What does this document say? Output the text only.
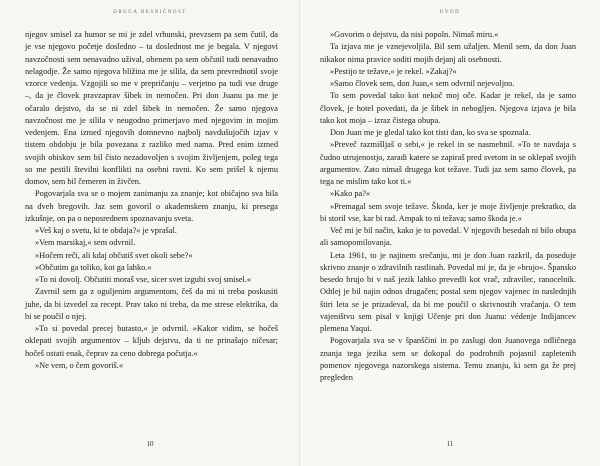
DRUGA RESNIČNOST

njegov smisel za humor se mi je zdel vrhunski, prevzsem pa sem čutil, da je vse njegovo početje dosledno – ta doslednost me je begala. V njegovi navzočnosti sem nenavadno užival, obenem pa sem občutil tudi nenavadno nelagodje. Že samo njegova bližina me je silila, da sem prevrednotil svoje vzorce vedenja. Vzgojili so me v prepričanju – verjetno pa tudi vse druge –, da je človek pravzaprav šibek in nemočen. Pri don Juanu pa me je očaralo dejstvo, da se ni zdel šibek in nemočen. Že samo njegova navzočnost me je silila v neugodno primerjavo med njegovim in mojim vedenjem. Ena izmed njegovih domnevno najbolj navdušujočih izjav v tistem obdobju je bila povezana z razliko med nama. Pred enim izmed svojih obiskov sem bil čisto nezadovoljen s svojim življenjem, poleg tega so me pestili številni konflikti na osebni ravni. Ko sem prišel k njemu domov, sem bil čemeren in živčen.

Pogovarjala sva se o mojem zanimanju za znanje; kot običajno sva bila na dveh bregovih. Jaz sem govoril o akademskem znanju, ki presega izkušnje, on pa o neposrednem spoznavanju sveta.

»Veš kaj o svetu, ki te obdaja?« je vprašal.

»Vem marsikaj,« sem odvrnil.

»Hočem reči, ali kdaj občutiš svet okoli sebe?«

»Občutim ga toliko, kot ga lahko.«

»To ni dovolj. Občutiti moraš vse, sicer svet izgubi svoj smisel.«

Zavrnil sem ga z ogulјenim argumentom, češ da mi ni treba poskusiti juhe, da bi izvedel za recept. Prav tako ni treba, da me strese elektrika, da bi se poučil o njej.

»To si povedal precej butasto,« je odvrnil. »Kakor vidim, se hočeš oklepati svojih argumentov – kljub dejstvu, da ti ne prinašajo ničesar; hočeš ostati enak, čeprav za ceno dobrega počutja.«

»Ne vem, o čem govoriš.«

10
UVOD

»Govorim o dejstvu, da nisi popoln. Nimaš miru.«

Ta izjava me je vznejevoljila. Bil sem užaljen. Menil sem, da don Juan nikakor nima pravice soditi mojih dejanj ali osebnosti.

»Pestijo te težave,« je rekel. »Zakaj?«

»Samo človek sem, don Juan,« sem odvrnil nejevoljno.

To sem povedal tako kot nekoč moj oče. Kadar je rekel, da je samo človek, je hotel povedati, da je šibek in nebogljen. Njegova izjava je bila tako kot moja – izraz čistega obupa.

Don Juan me je gledal tako kot tisti dan, ko sva se spoznala.

»Preveč razmišljaš o sebi,« je rekel in se nasmehnil. »To te navdaja s čudno utrujenostjo, zaradi katere se zapiraš pred svetom in se oklepaš svojih argumentov. Zato nimaš drugega kot težave. Tudi jaz sem samo človek, pa tega ne mislim tako kot ti.«

»Kako pa?«

»Premagal sem svoje težave. Škoda, ker je moje življenje prekratko, da bi storil vse, kar bi rad. Ampak to ni težava; samo škoda je.«

Več mi je bil način, kako je to povedal. V njegovih besedah ni bilo obupa ali samopomilovanja.

Leta 1961, to je najinem srečanju, mi je don Juan razkril, da poseduje skrivno znanje o zdravilnih rastlinah. Povedal mi je, da je »brujo«. Špansko besedo brujo bi v naš jezik lahko prevedli kot vrač, zdravilec, ranocelnik. Odtlej je bil najin odnos drugačen; postal sem njegov vajenec in naslednjih štiri leta se je prizadeval, da bi me poučil o skrivnostih vračanja. O tem vajeništvu sem pisal v knjigi Učenje pri don Juanu: védenje Indijancev plemena Yaqui.

Pogovarjala sva se v španščini in po zaslugi don Juanovega odličnega znanja tega jezika sem se dokopal do podrobnih pojasnil zapletenih pomenov njegovega nazorskega sistema. Temu znanju, ki sem ga že prej pregleden

11
